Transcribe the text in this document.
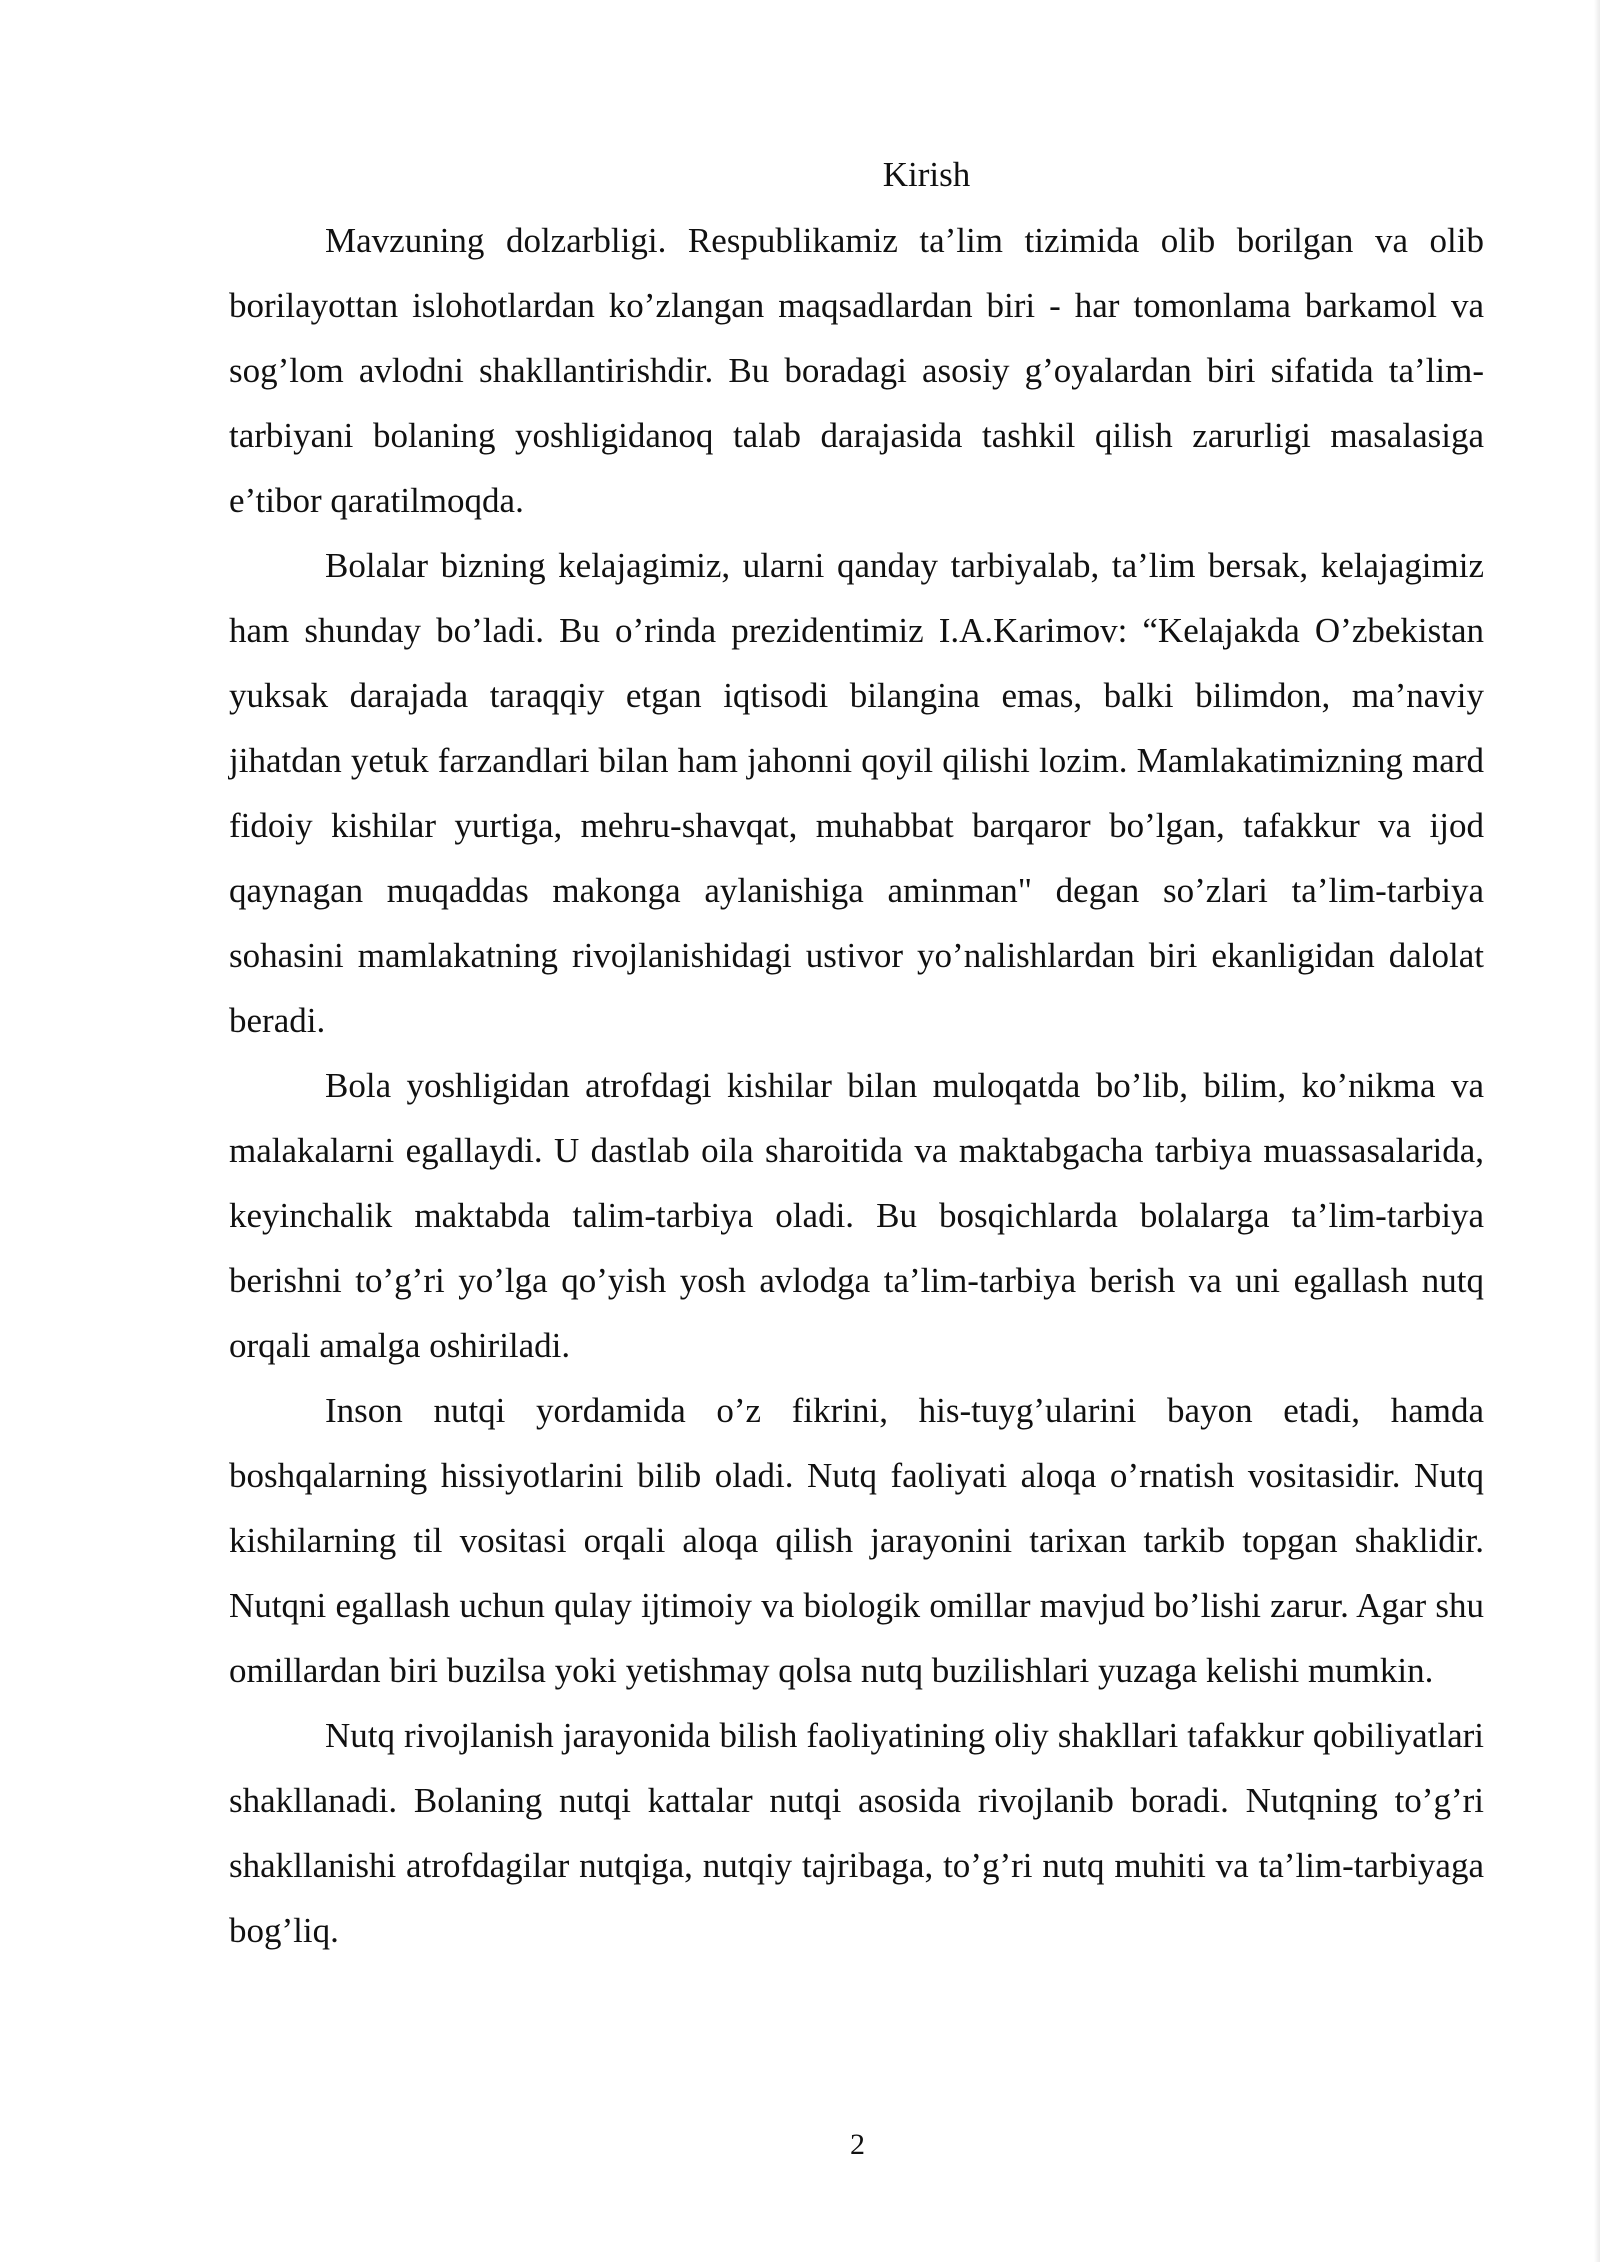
Kirish

Mavzuning dolzarbligi. Respublikamiz ta’lim tizimida olib borilgan va olib borilayottan islohotlardan ko’zlangan maqsadlardan biri - har tomonlama barkamol va sog’lom avlodni shakllantirishdir. Bu boradagi asosiy g’oyalardan biri sifatida ta’lim-tarbiyani bolaning yoshligidanoq talab darajasida tashkil qilish zarurligi masalasiga e’tibor qaratilmoqda.

Bolalar bizning kelajagimiz, ularni qanday tarbiyalab, ta’lim bersak, kelajagimiz ham shunday bo’ladi. Bu o’rinda prezidentimiz I.A.Karimov: “Kelajakda O’zbekistan yuksak darajada taraqqiy etgan iqtisodi bilangina emas, balki bilimdon, ma’naviy jihatdan yetuk farzandlari bilan ham jahonni qoyil qilishi lozim. Mamlakatimizning mard fidoiy kishilar yurtiga, mehru-shavqat, muhabbat barqaror bo’lgan, tafakkur va ijod qaynagan muqaddas makonga aylanishiga aminman" degan so’zlari ta’lim-tarbiya sohasini mamlakatning rivojlanishidagi ustivor yo’nalishlardan biri ekanligidan dalolat beradi.

Bola yoshligidan atrofdagi kishilar bilan muloqatda bo’lib, bilim, ko’nikma va malakalarni egallaydi. U dastlab oila sharoitida va maktabgacha tarbiya muassasalarida, keyinchalik maktabda talim-tarbiya oladi. Bu bosqichlarda bolalarga ta’lim-tarbiya berishni to’g’ri yo’lga qo’yish yosh avlodga ta’lim-tarbiya berish va uni egallash nutq orqali amalga oshiriladi.

Inson nutqi yordamida o’z fikrini, his-tuyg’ularini bayon etadi, hamda boshqalarning hissiyotlarini bilib oladi. Nutq faoliyati aloqa o’rnatish vositasidir. Nutq kishilarning til vositasi orqali aloqa qilish jarayonini tarixan tarkib topgan shaklidir. Nutqni egallash uchun qulay ijtimoiy va biologik omillar mavjud bo’lishi zarur. Agar shu omillardan biri buzilsa yoki yetishmay qolsa nutq buzilishlari yuzaga kelishi mumkin.

Nutq rivojlanish jarayonida bilish faoliyatining oliy shakllari tafakkur qobiliyatlari shakllanadi. Bolaning nutqi kattalar nutqi asosida rivojlanib boradi. Nutqning to’g’ri shakllanishi atrofdagilar nutqiga, nutqiy tajribaga, to’g’ri nutq muhiti va ta’lim-tarbiyaga bog’liq.

2
